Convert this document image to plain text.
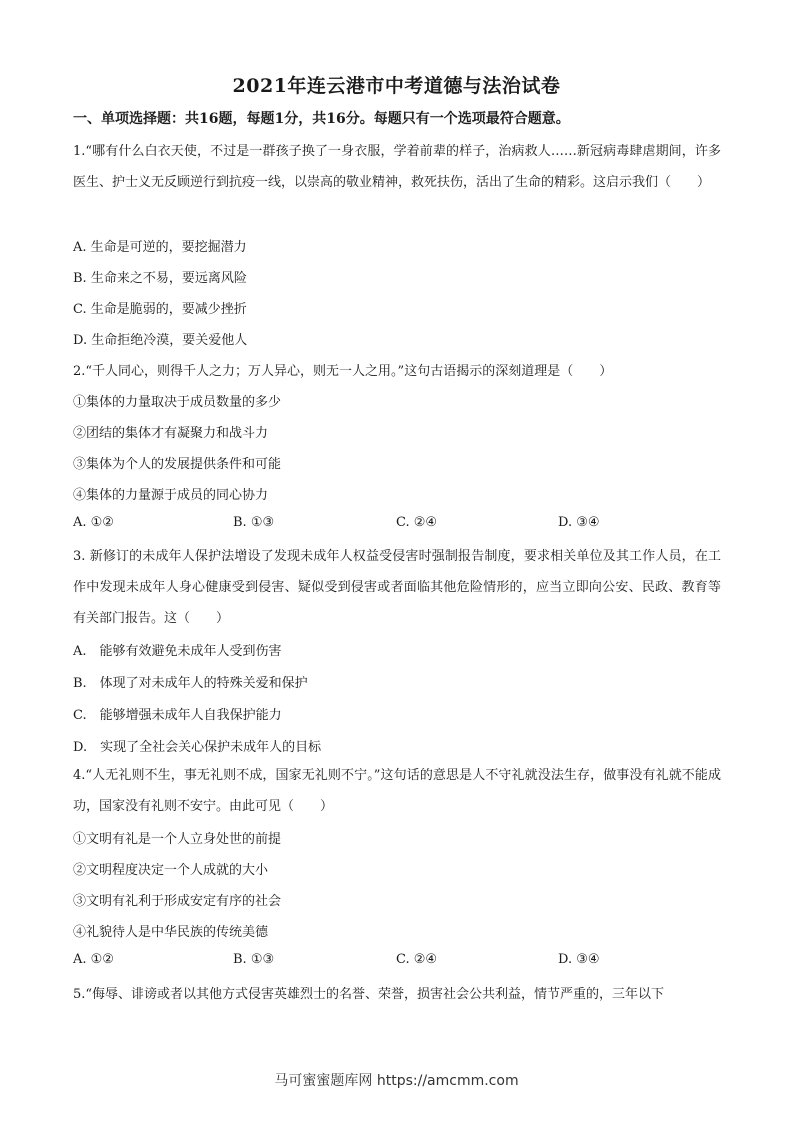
2021年连云港市中考道德与法治试卷
一、单项选择题：共16题，每题1分，共16分。每题只有一个选项最符合题意。
1.“哪有什么白衣天使，不过是一群孩子换了一身衣服，学着前辈的样子，治病救人……新冠病毒肆虐期间，许多医生、护士义无反顾逆行到抗疫一线，以崇高的敬业精神，救死扶伤，活出了生命的精彩。这启示我们（　　）
A. 生命是可逆的，要挖掘潜力
B. 生命来之不易，要远离风险
C. 生命是脆弱的，要减少挫折
D. 生命拒绝冷漠，要关爱他人
2.“千人同心，则得千人之力；万人异心，则无一人之用。”这句古语揭示的深刻道理是（　　）
①集体的力量取决于成员数量的多少
②团结的集体才有凝聚力和战斗力
③集体为个人的发展提供条件和可能
④集体的力量源于成员的同心协力
A. ①②	B. ①③	C. ②④	D. ③④
3. 新修订的未成年人保护法增设了发现未成年人权益受侵害时强制报告制度，要求相关单位及其工作人员，在工作中发现未成年人身心健康受到侵害、疑似受到侵害或者面临其他危险情形的，应当立即向公安、民政、教育等有关部门报告。这（　　）
A.　能够有效避免未成年人受到伤害
B.　体现了对未成年人的特殊关爱和保护
C.　能够增强未成年人自我保护能力
D.　实现了全社会关心保护未成年人的目标
4.“人无礼则不生，事无礼则不成，国家无礼则不宁。”这句话的意思是人不守礼就没法生存，做事没有礼就不能成功，国家没有礼则不安宁。由此可见（　　）
①文明有礼是一个人立身处世的前提
②文明程度决定一个人成就的大小
③文明有礼利于形成安定有序的社会
④礼貌待人是中华民族的传统美德
A. ①②	B. ①③	C. ②④	D. ③④
5.“侮辱、诽谤或者以其他方式侵害英雄烈士的名誉、荣誉，损害社会公共利益，情节严重的，三年以下
马可蜜蜜题库网 https://amcmm.com
